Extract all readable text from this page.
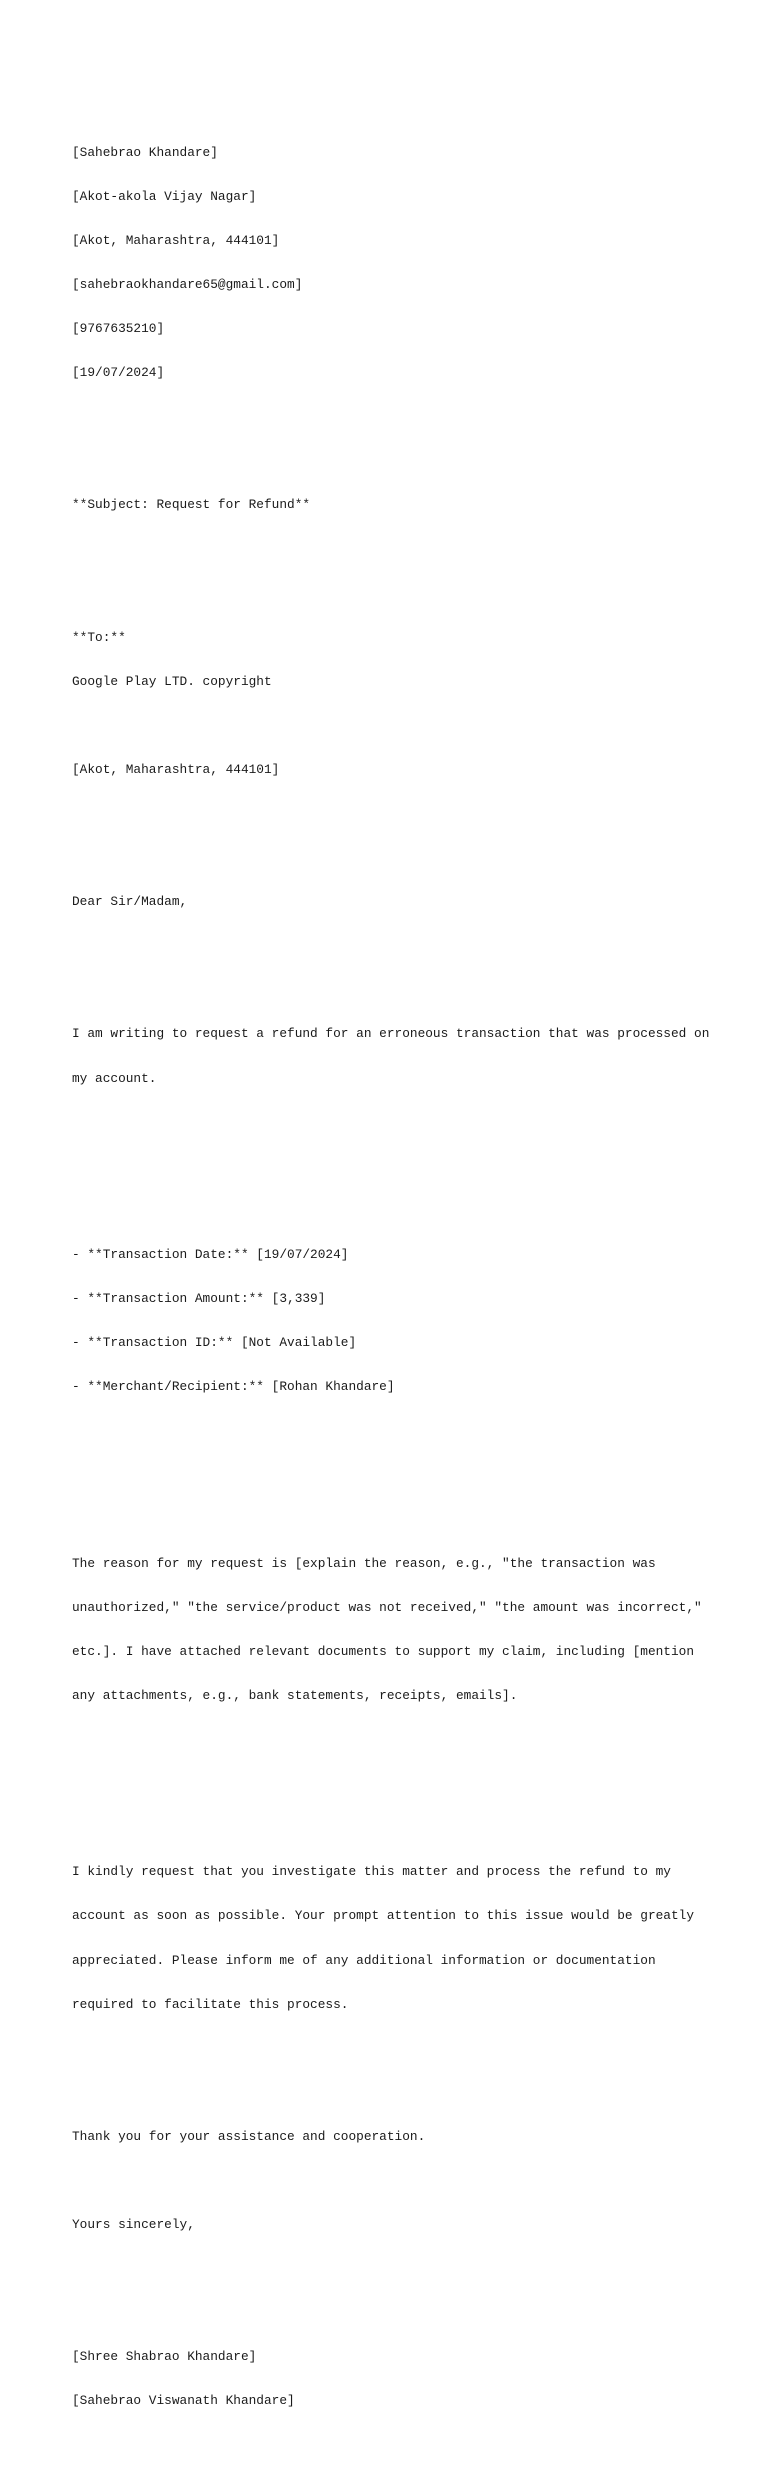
[Sahebrao Khandare]

[Akot-akola Vijay Nagar]

[Akot, Maharashtra, 444101]

[sahebraokhandare65@gmail.com]

[9767635210]

[19/07/2024]

**Subject: Request for Refund**

**To:**

Google Play LTD. copyright

[Akot, Maharashtra, 444101]

Dear Sir/Madam,

I am writing to request a refund for an erroneous transaction that was processed on

my account.

- **Transaction Date:** [19/07/2024]

- **Transaction Amount:** [3,339]

- **Transaction ID:** [Not Available]

- **Merchant/Recipient:** [Rohan Khandare]

The reason for my request is [explain the reason, e.g., "the transaction was

unauthorized," "the service/product was not received," "the amount was incorrect,"

etc.]. I have attached relevant documents to support my claim, including [mention

any attachments, e.g., bank statements, receipts, emails].

I kindly request that you investigate this matter and process the refund to my

account as soon as possible. Your prompt attention to this issue would be greatly

appreciated. Please inform me of any additional information or documentation

required to facilitate this process.

Thank you for your assistance and cooperation.

Yours sincerely,

[Shree Shabrao Khandare]

[Sahebrao Viswanath Khandare]
